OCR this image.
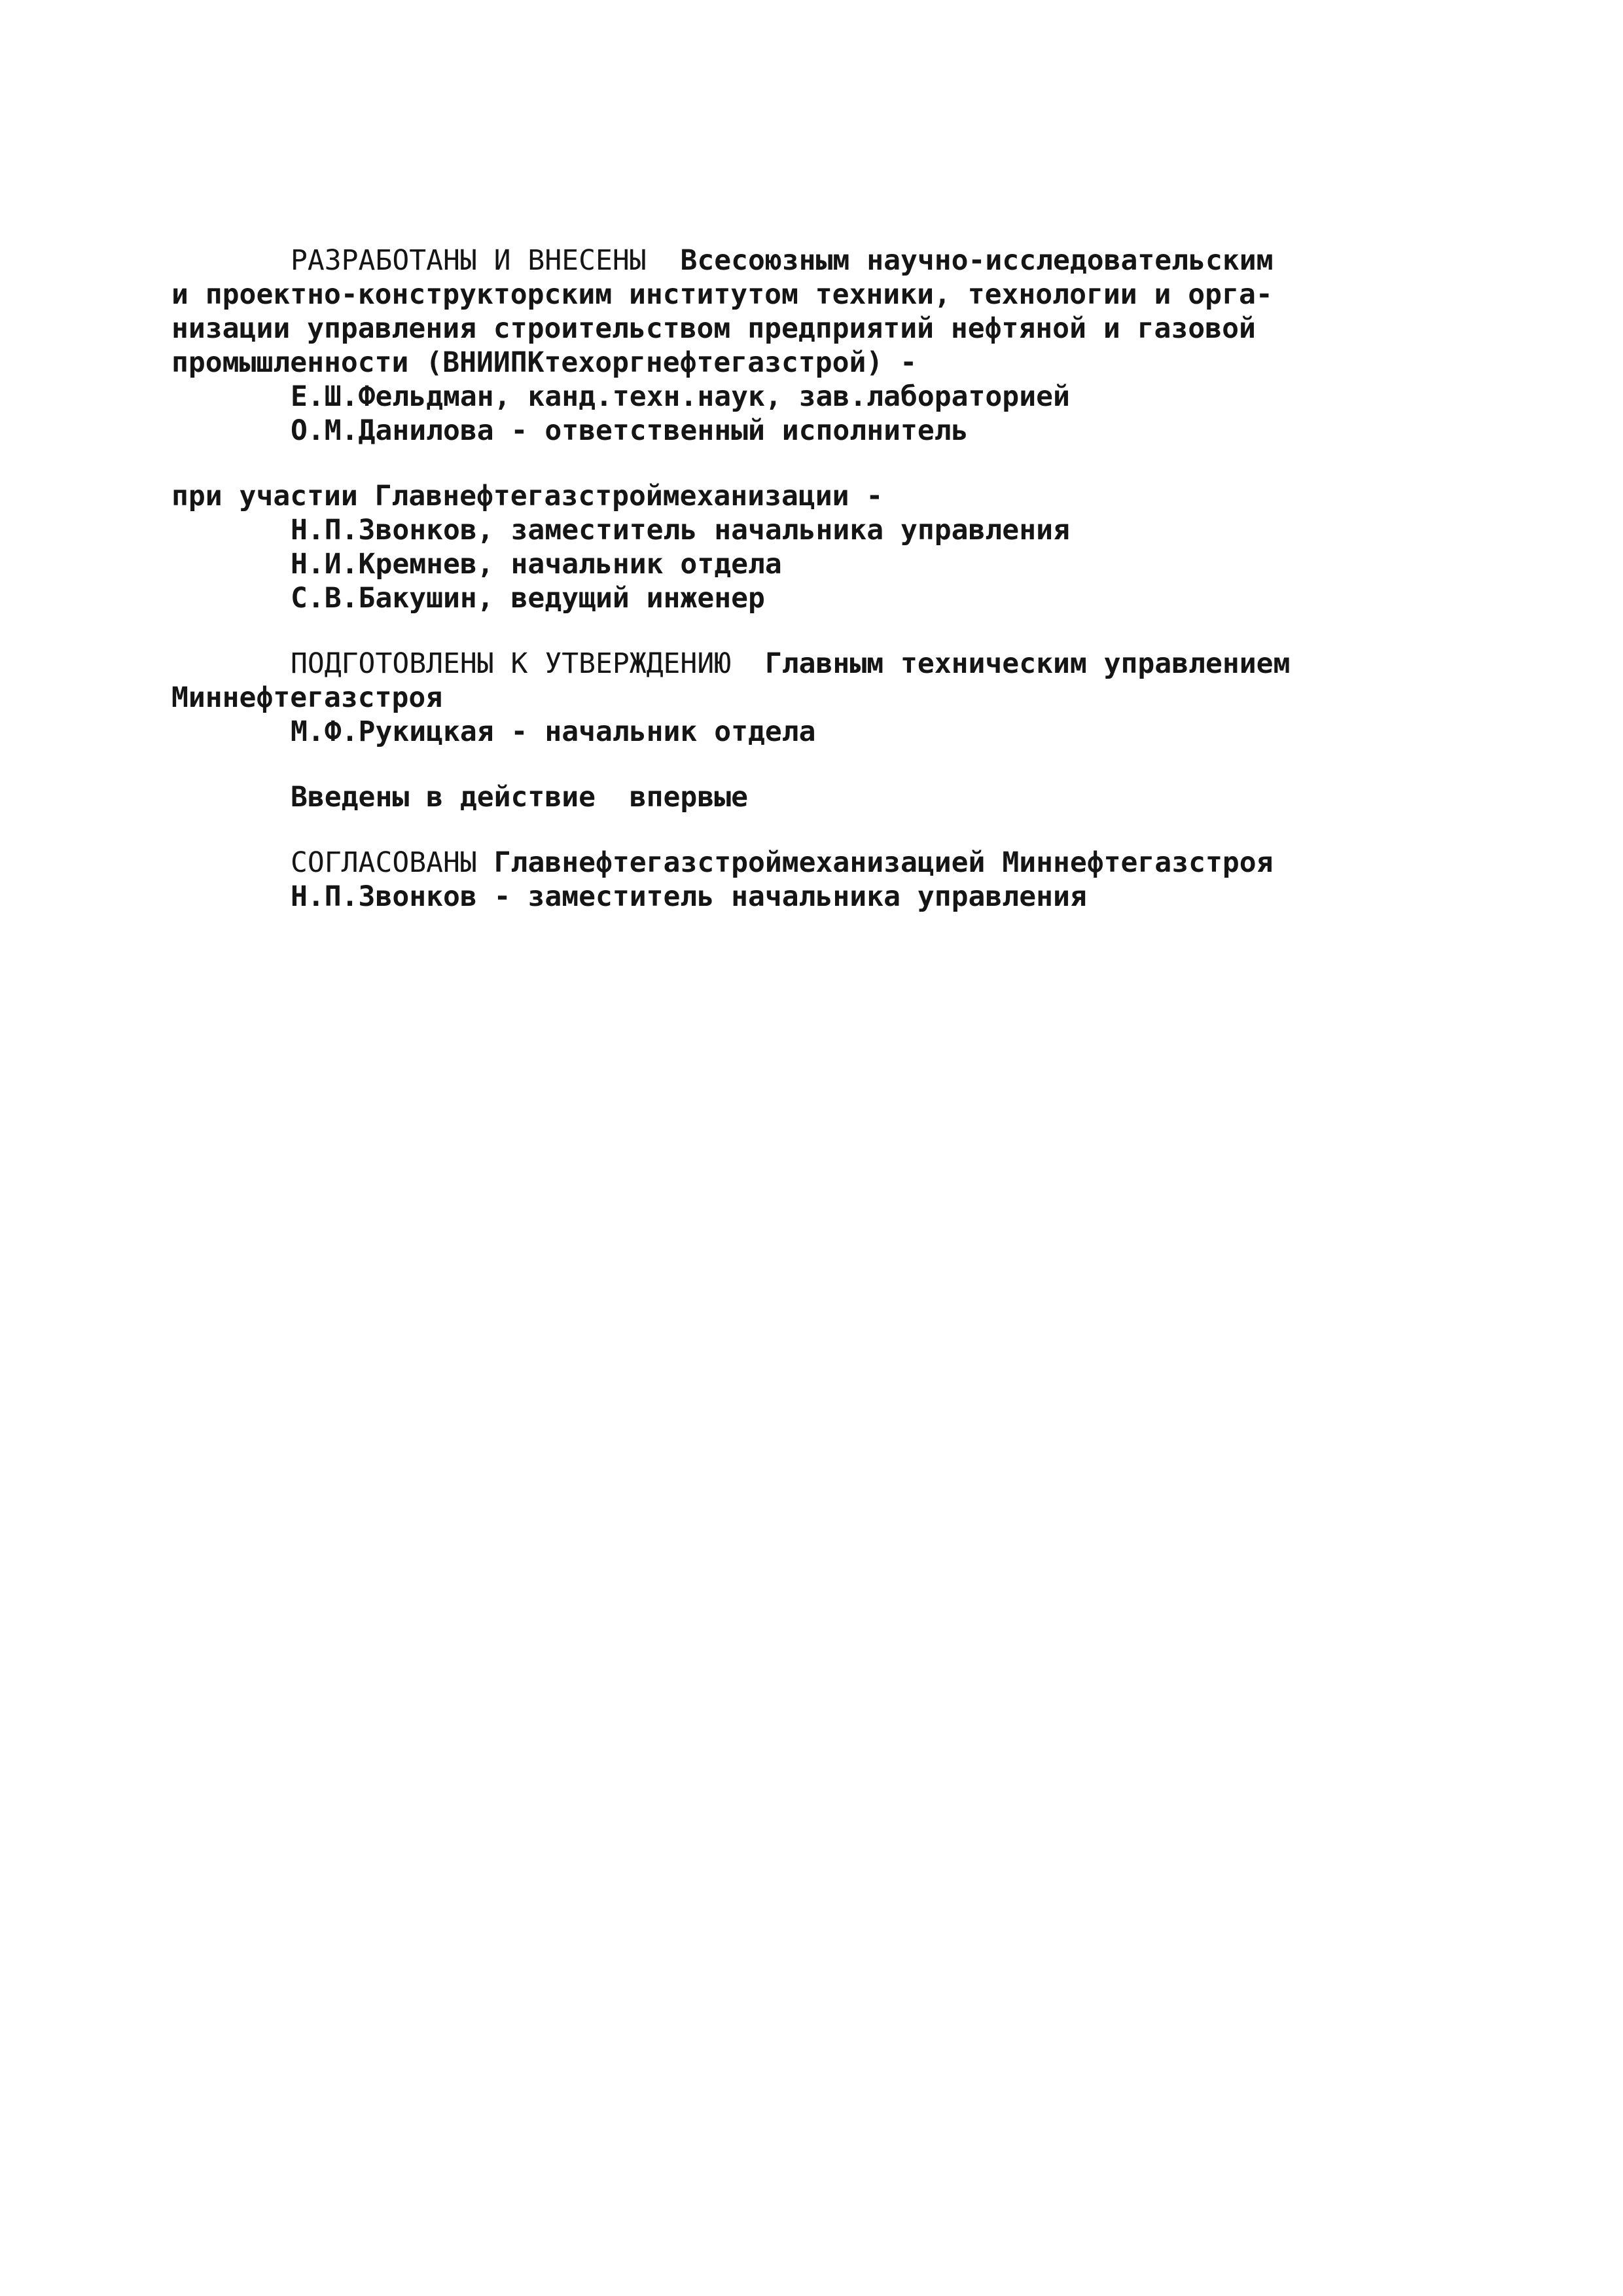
РАЗРАБОТАНЫ И ВНЕСЕНЫ Всесоюзным научно-исследовательским
и проектно-конструкторским институтом техники, технологии и орга-
низации управления строительством предприятий нефтяной и газовой
промышленности (ВНИИПКтехоргнефтегазстрой) -
Е.Ш.Фельдман, канд.техн.наук, зав.лабораторией
О.М.Данилова - ответственный исполнитель
при участии Главнефтегазстроймеханизации -
Н.П.Звонков, заместитель начальника управления
Н.И.Кремнев, начальник отдела
С.В.Бакушин, ведущий инженер
ПОДГОТОВЛЕНЫ К УТВЕРЖДЕНИЮ Главным техническим управлением
Миннефтегазстроя
М.Ф.Рукицкая - начальник отдела
Введены в действие  впервые
СОГЛАСОВАНЫ Главнефтегазстроймеханизацией Миннефтегазстроя
Н.П.Звонков - заместитель начальника управления
